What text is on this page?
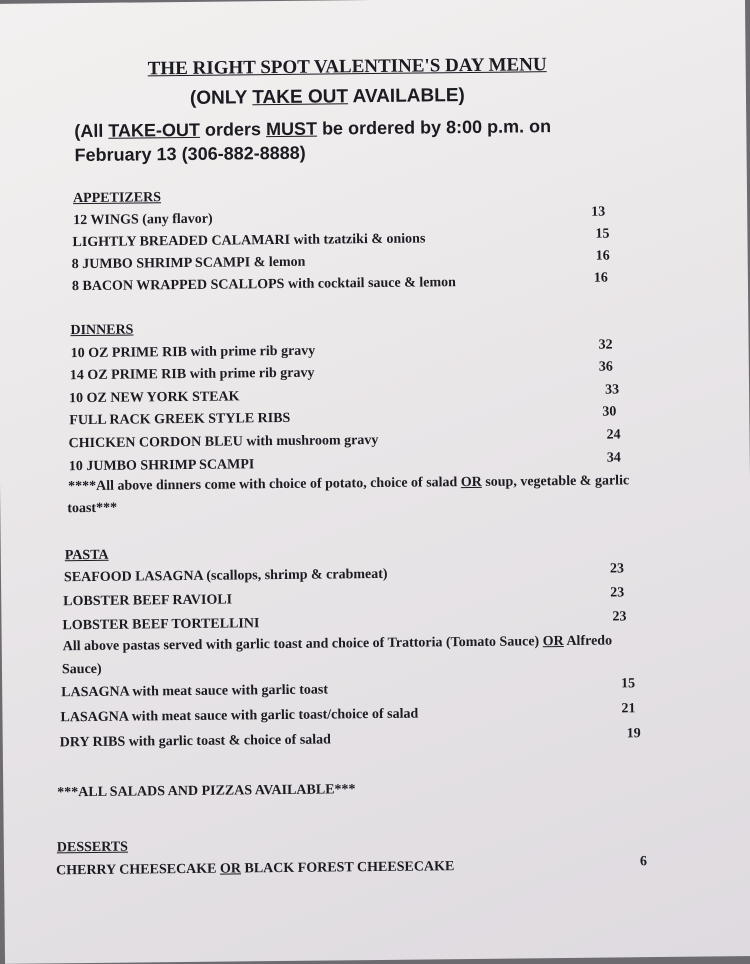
THE RIGHT SPOT VALENTINE'S DAY MENU
(ONLY TAKE OUT AVAILABLE)
(All TAKE-OUT orders MUST be ordered by 8:00 p.m. on
February 13 (306-882-8888)
APPETIZERS
12 WINGS (any flavor)	13
LIGHTLY BREADED CALAMARI with tzatziki & onions	15
8 JUMBO SHRIMP SCAMPI & lemon	16
8 BACON WRAPPED SCALLOPS with cocktail sauce & lemon	16
DINNERS
10 OZ PRIME RIB with prime rib gravy	32
14 OZ PRIME RIB with prime rib gravy	36
10 OZ NEW YORK STEAK	33
FULL RACK GREEK STYLE RIBS	30
CHICKEN CORDON BLEU with mushroom gravy	24
10 JUMBO SHRIMP SCAMPI	34
****All above dinners come with choice of potato, choice of salad OR soup, vegetable & garlic
toast***
PASTA
SEAFOOD LASAGNA (scallops, shrimp & crabmeat)	23
LOBSTER BEEF RAVIOLI	23
LOBSTER BEEF TORTELLINI	23
All above pastas served with garlic toast and choice of Trattoria (Tomato Sauce) OR Alfredo
Sauce)
LASAGNA with meat sauce with garlic toast	15
LASAGNA with meat sauce with garlic toast/choice of salad	21
DRY RIBS with garlic toast & choice of salad	19
***ALL SALADS AND PIZZAS AVAILABLE***
DESSERTS
CHERRY CHEESECAKE OR BLACK FOREST CHEESECAKE	6
